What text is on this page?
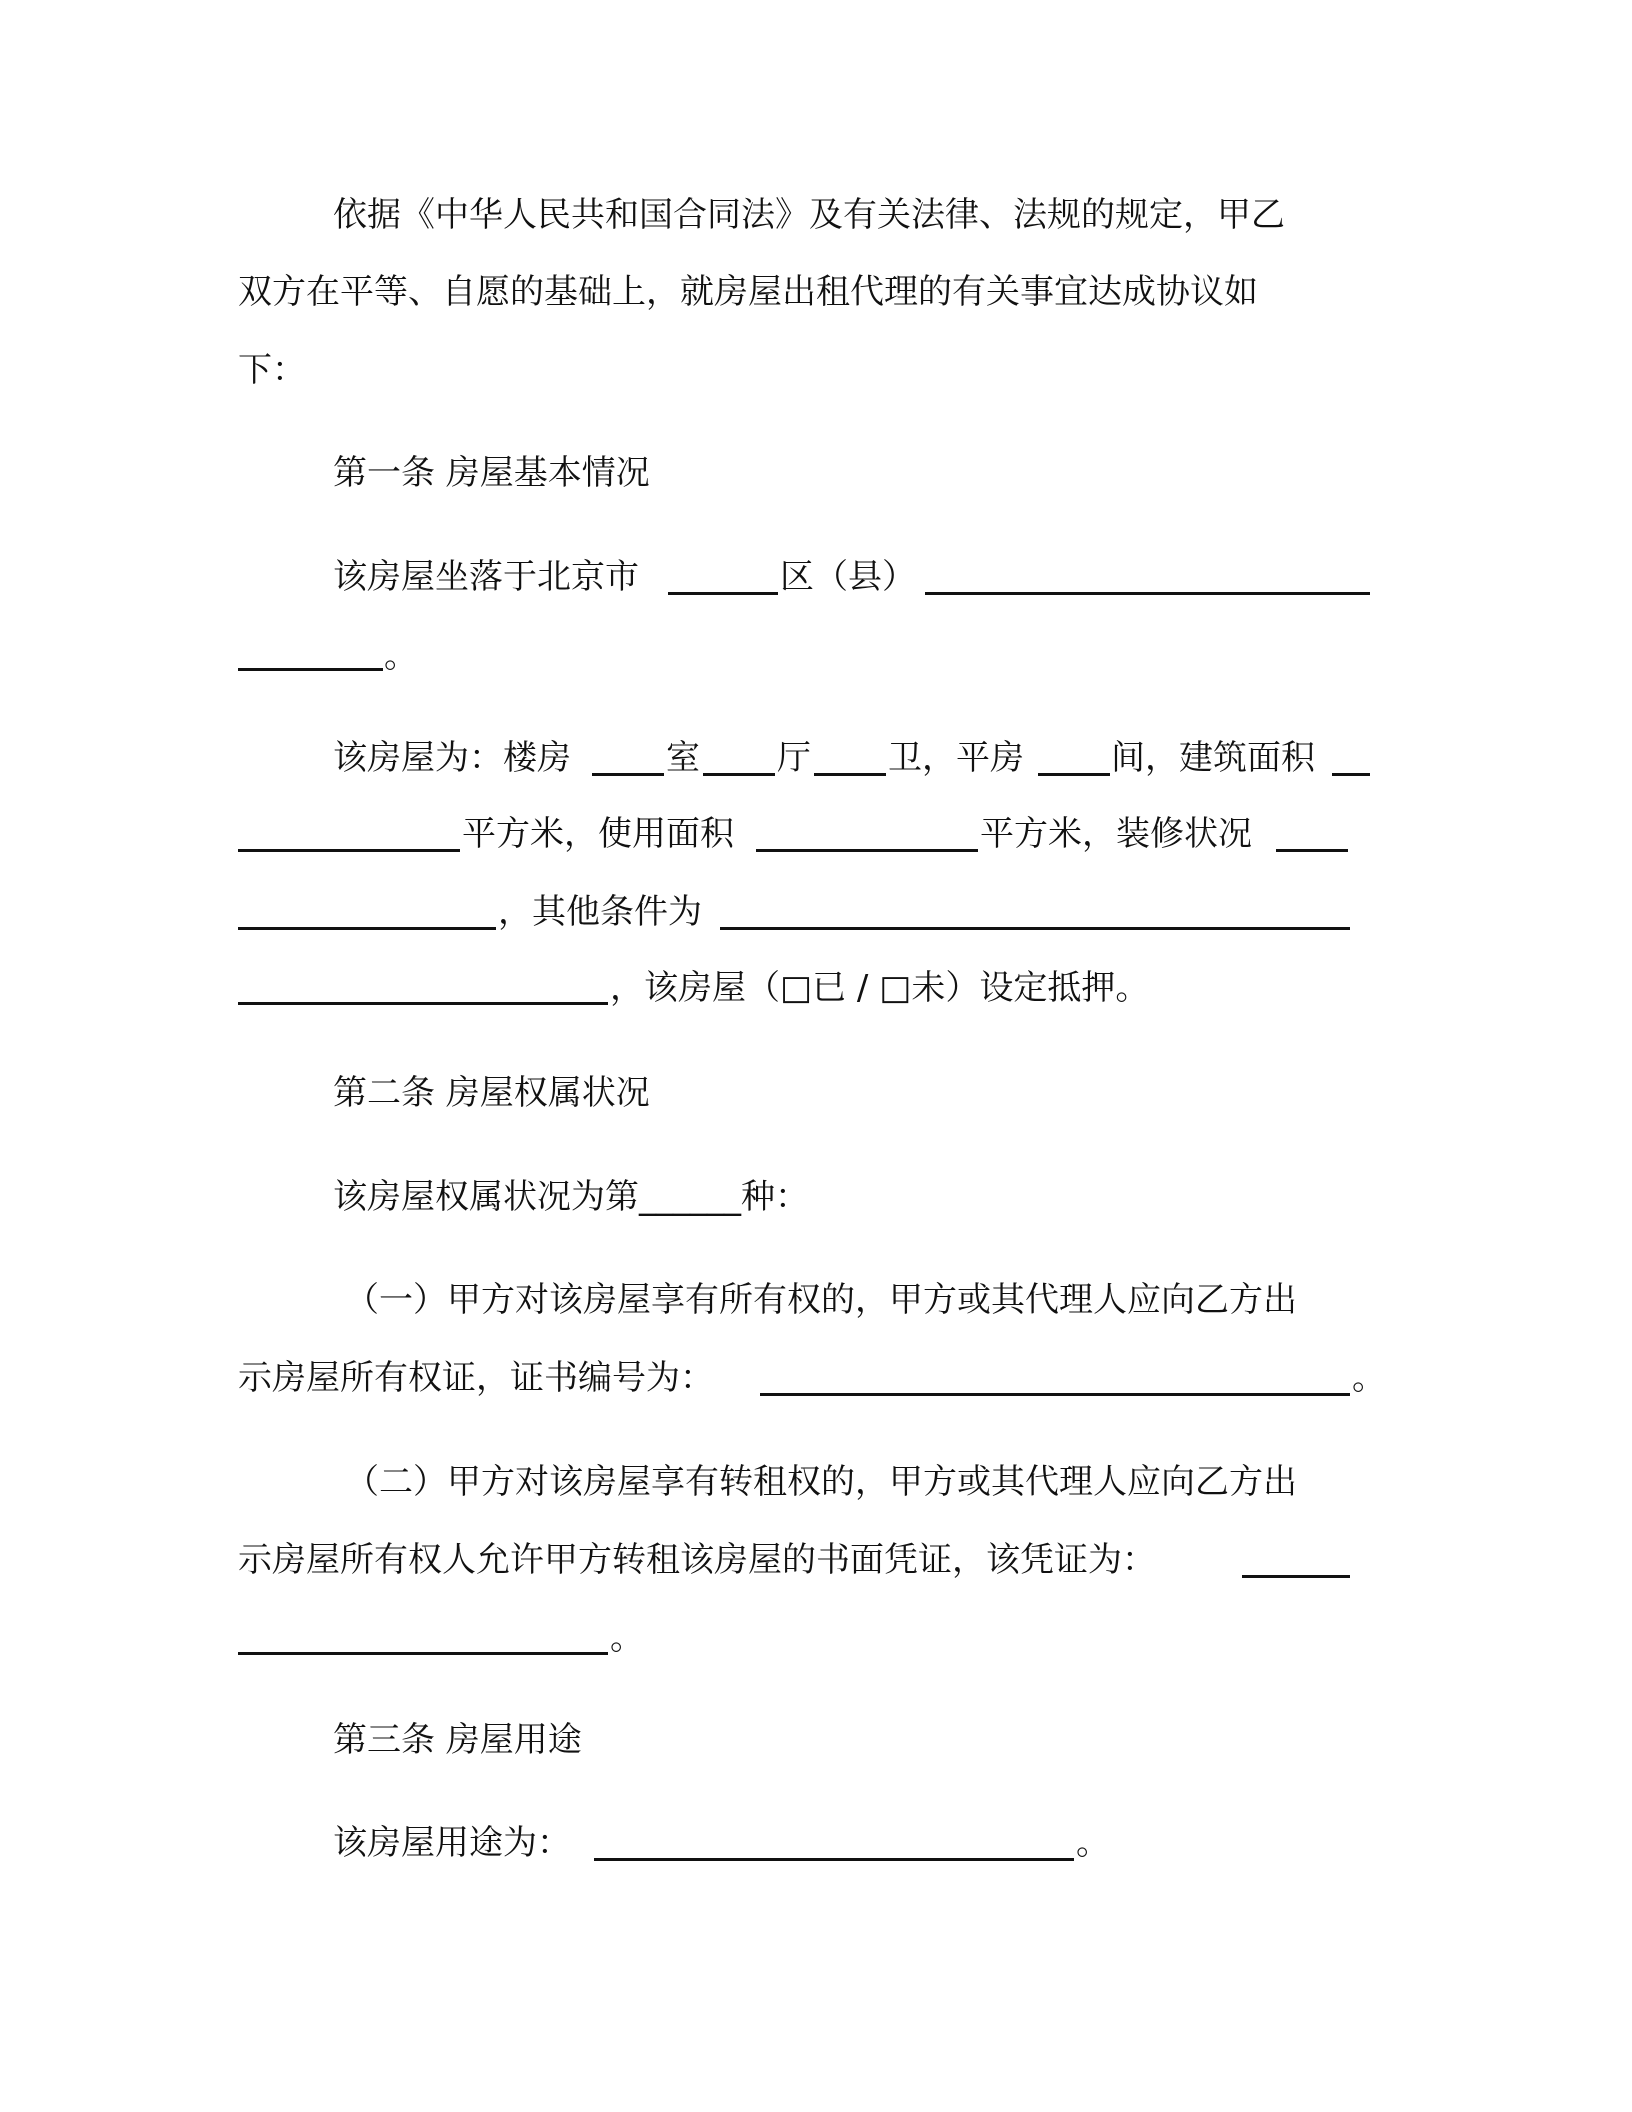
依据《中华人民共和国合同法》及有关法律、法规的规定，甲乙
双方在平等、自愿的基础上，就房屋出租代理的有关事宜达成协议如
下：
第一条 房屋基本情况
该房屋坐落于北京市	区（县）
。
该房屋为：楼房	室 厅 卫，平房	间，建筑面积
平方米，使用面积	平方米，装修状况
，其他条件为
，该房屋（□已 / □未）设定抵押。
第二条 房屋权属状况
该房屋权属状况为第______种：
（一）甲方对该房屋享有所有权的，甲方或其代理人应向乙方出
示房屋所有权证，证书编号为：	。
（二）甲方对该房屋享有转租权的，甲方或其代理人应向乙方出
示房屋所有权人允许甲方转租该房屋的书面凭证，该凭证为：
。
第三条 房屋用途
该房屋用途为：	。
